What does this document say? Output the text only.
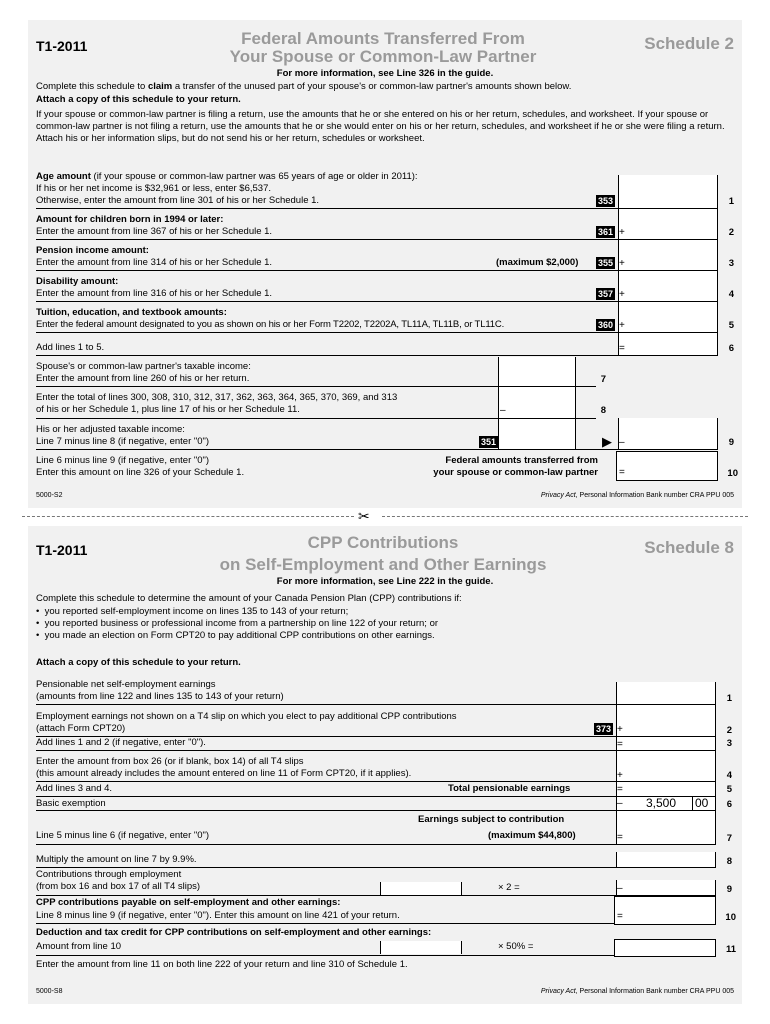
T1-2011	Federal Amounts Transferred From
Your Spouse or Common-Law Partner
Schedule 2
For more information, see Line 326 in the guide.
Complete this schedule to claim a transfer of the unused part of your spouse's or common-law partner's amounts shown below.
Attach a copy of this schedule to your return.
If your spouse or common-law partner is filing a return, use the amounts that he or she entered on his or her return, schedules, and worksheet. If your spouse or common-law partner is not filing a return, use the amounts that he or she would enter on his or her return, schedules, and worksheet if he or she were filing a return. Attach his or her information slips, but do not send his or her return, schedules or worksheet.
Age amount (if your spouse or common-law partner was 65 years of age or older in 2011):
If his or her net income is $32,961 or less, enter $6,537.
Otherwise, enter the amount from line 301 of his or her Schedule 1.	353	1
Amount for children born in 1994 or later:
Enter the amount from line 367 of his or her Schedule 1.	361 +	2
Pension income amount:
Enter the amount from line 314 of his or her Schedule 1.	(maximum $2,000) 355 +	3
Disability amount:
Enter the amount from line 316 of his or her Schedule 1.	357 +	4
Tuition, education, and textbook amounts:
Enter the federal amount designated to you as shown on his or her Form T2202, T2202A, TL11A, TL11B, or TL11C.	360 +	5
Add lines 1 to 5.	=	6
Spouse's or common-law partner's taxable income:
Enter the amount from line 260 of his or her return.	7
Enter the total of lines 300, 308, 310, 312, 317, 362, 363, 364, 365, 370, 369, and 313
of his or her Schedule 1, plus line 17 of his or her Schedule 11.	–	8
His or her adjusted taxable income:
Line 7 minus line 8 (if negative, enter "0")	351	▶ –	9
Line 6 minus line 9 (if negative, enter "0")
Enter this amount on line 326 of your Schedule 1.
Federal amounts transferred from
your spouse or common-law partner =	10
5000-S2	Privacy Act, Personal Information Bank number CRA PPU 005
✂
T1-2011	CPP Contributions
on Self-Employment and Other Earnings
Schedule 8
For more information, see Line 222 in the guide.
Complete this schedule to determine the amount of your Canada Pension Plan (CPP) contributions if:
•  you reported self-employment income on lines 135 to 143 of your return;
•  you reported business or professional income from a partnership on line 122 of your return; or
•  you made an election on Form CPT20 to pay additional CPP contributions on other earnings.
Attach a copy of this schedule to your return.
Pensionable net self-employment earnings
(amounts from line 122 and lines 135 to 143 of your return)	1
Employment earnings not shown on a T4 slip on which you elect to pay additional CPP contributions
(attach Form CPT20)	373 +	2
Add lines 1 and 2 (if negative, enter "0").	=	3
Enter the amount from box 26 (or if blank, box 14) of all T4 slips
(this amount already includes the amount entered on line 11 of Form CPT20, if it applies).	+	4
Add lines 3 and 4.	Total pensionable earnings	=	5
Basic exemption	– 3,500 00	6
Earnings subject to contribution
Line 5 minus line 6 (if negative, enter "0")	(maximum $44,800)	=	7
Multiply the amount on line 7 by 9.9%.	8
Contributions through employment
(from box 16 and box 17 of all T4 slips)	× 2 =	–	9
CPP contributions payable on self-employment and other earnings:
Line 8 minus line 9 (if negative, enter "0"). Enter this amount on line 421 of your return.	=	10
Deduction and tax credit for CPP contributions on self-employment and other earnings:
Amount from line 10	× 50% =	11
Enter the amount from line 11 on both line 222 of your return and line 310 of Schedule 1.
5000-S8	Privacy Act, Personal Information Bank number CRA PPU 005
